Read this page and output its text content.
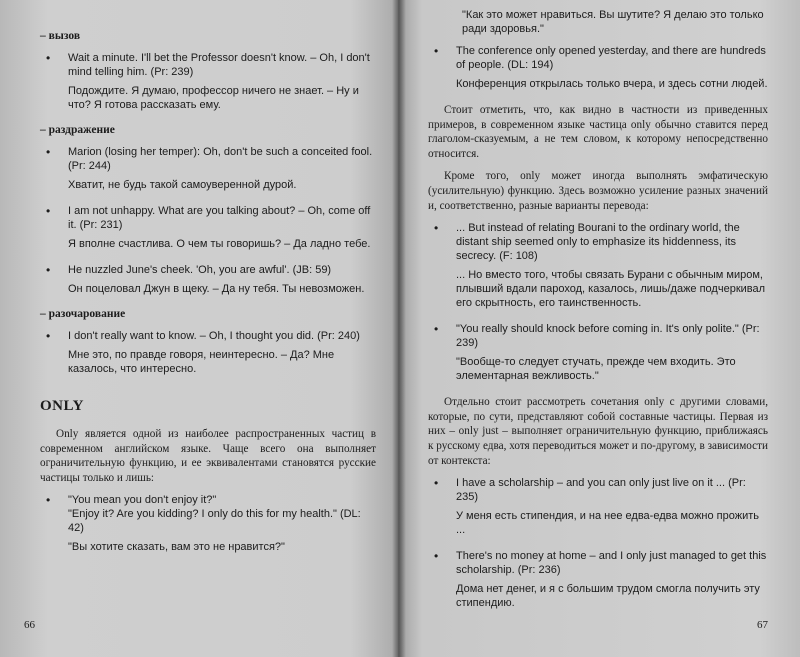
– вызов
•	Wait a minute. I'll bet the Professor doesn't know. – Oh, I don't mind telling him. (Pr: 239)

Подождите. Я думаю, профессор ничего не знает. – Ну и что? Я готова рассказать ему.

– раздражение
•	Marion (losing her temper): Oh, don't be such a conceited fool. (Pr: 244)

Хватит, не будь такой самоуверенной дурой.

•	I am not unhappy. What are you talking about? – Oh, come off it. (Pr: 231)

Я вполне счастлива. О чем ты говоришь? – Да ладно тебе.

•	He nuzzled June's cheek. 'Oh, you are awful'. (JB: 59)

Он поцеловал Джун в щеку. – Да ну тебя. Ты невозможен.

– разочарование
•	I don't really want to know. – Oh, I thought you did. (Pr: 240)

Мне это, по правде говоря, неинтересно. – Да? Мне казалось, что интересно.

ONLY

Only является одной из наиболее распространенных частиц в современном английском языке. Чаще всего она выполняет ограничительную функцию, и ее эквивалентами становятся русские частицы только и лишь:

•	"You mean you don't enjoy it?"

"Enjoy it? Are you kidding? I only do this for my health." (DL: 42)

"Вы хотите сказать, вам это не нравится?"

66

"Как это может нравиться. Вы шутите? Я делаю это только ради здоровья."

•	The conference only opened yesterday, and there are hundreds of people. (DL: 194)

Конференция открылась только вчера, и здесь сотни людей.

Стоит отметить, что, как видно в частности из приведенных примеров, в современном языке частица only обычно ставится перед глаголом-сказуемым, а не тем словом, к которому непосредственно относится.

Кроме того, only может иногда выполнять эмфатическую (усилительную) функцию. Здесь возможно усиление разных значений и, соответственно, разные варианты перевода:

•	... But instead of relating Bourani to the ordinary world, the distant ship seemed only to emphasize its hiddenness, its secrecy. (F: 108)

... Но вместо того, чтобы связать Бурани с обычным миром, плывший вдали пароход, казалось, лишь/даже подчеркивал его скрытность, его таинственность.

•	"You really should knock before coming in. It's only polite." (Pr: 239)

"Вообще-то следует стучать, прежде чем входить. Это элементарная вежливость."

Отдельно стоит рассмотреть сочетания only с другими словами, которые, по сути, представляют собой составные частицы. Первая из них – only just – выполняет ограничительную функцию, приближаясь к русскому едва, хотя переводиться может и по-другому, в зависимости от контекста:

•	I have a scholarship – and you can only just live on it ... (Pr: 235)

У меня есть стипендия, и на нее едва-едва можно прожить ...

•	There's no money at home – and I only just managed to get this scholarship. (Pr: 236)

Дома нет денег, и я с большим трудом смогла получить эту стипендию.

67
